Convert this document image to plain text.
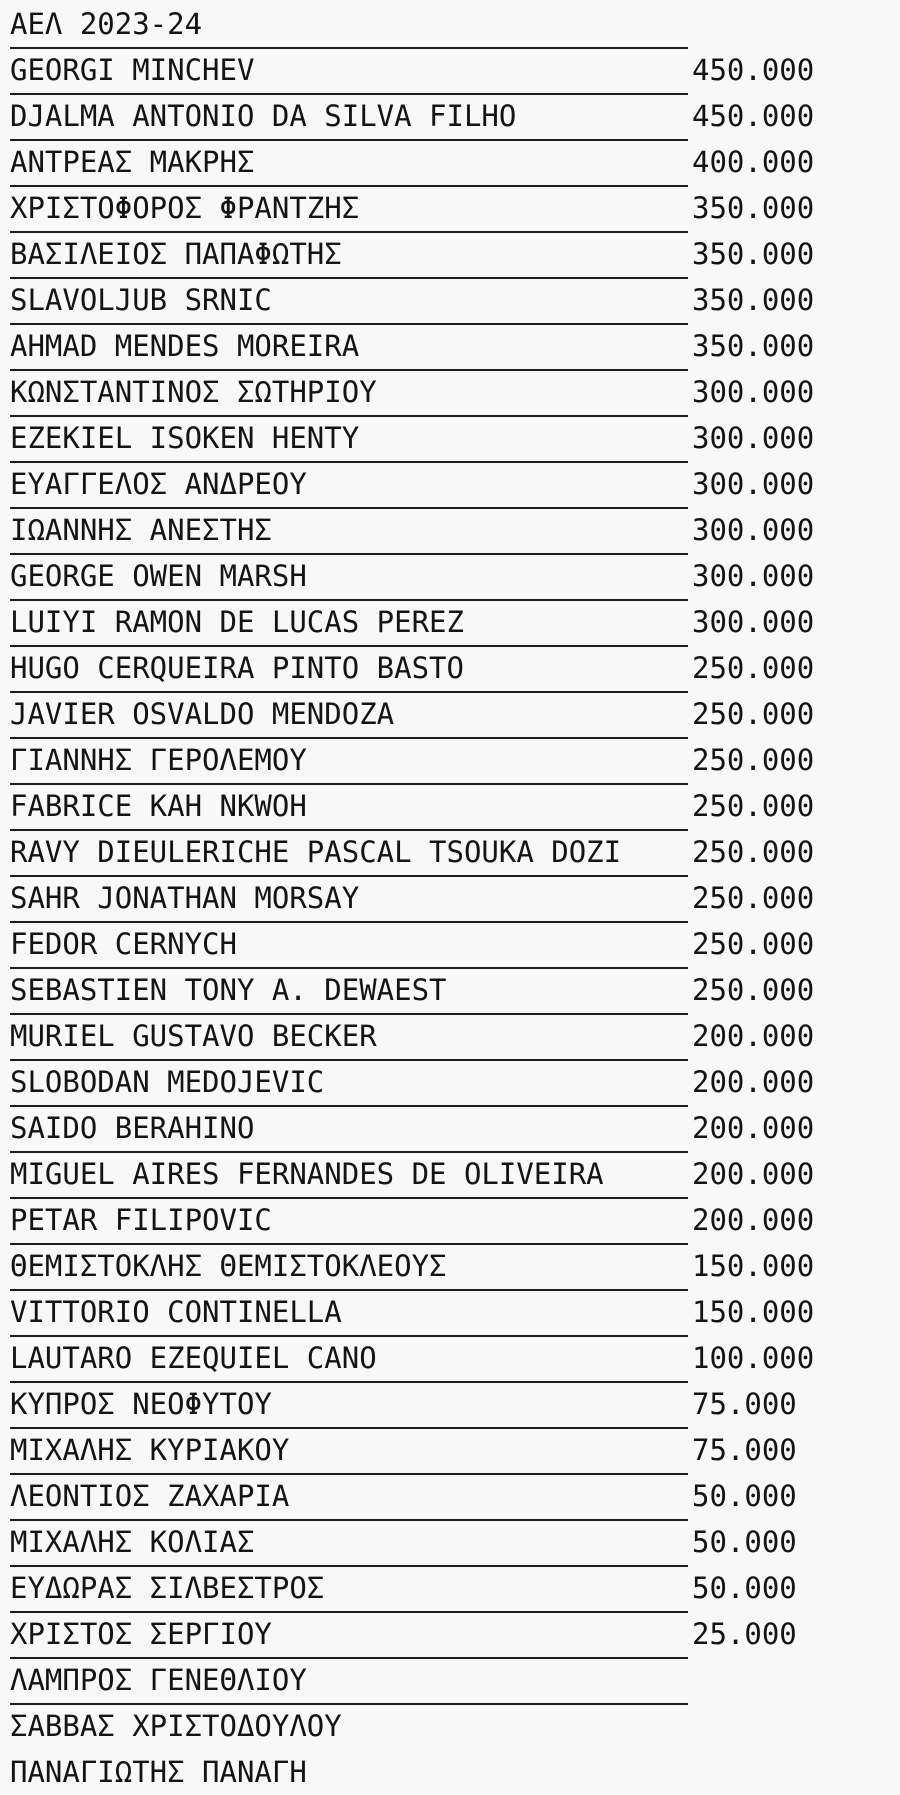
ΑΕΛ 2023-24

GEORGI MINCHEV	450.000
DJALMA ANTONIO DA SILVA FILHO	450.000
ΑΝΤΡΕΑΣ ΜΑΚΡΗΣ	400.000
ΧΡΙΣΤΟΦΟΡΟΣ ΦΡΑΝΤΖΗΣ	350.000
ΒΑΣΙΛΕΙΟΣ ΠΑΠΑΦΩΤΗΣ	350.000
SLAVOLJUB SRNIC	350.000
AHMAD MENDES MOREIRA	350.000
ΚΩΝΣΤΑΝΤΙΝΟΣ ΣΩΤΗΡΙΟΥ	300.000
EZEKIEL ISOKEN HENTY	300.000
ΕΥΑΓΓΕΛΟΣ ΑΝΔΡΕΟΥ	300.000
ΙΩΑΝΝΗΣ ΑΝΕΣΤΗΣ	300.000
GEORGE OWEN MARSH	300.000
LUIYI RAMON DE LUCAS PEREZ	300.000
HUGO CERQUEIRA PINTO BASTO	250.000
JAVIER OSVALDO MENDOZA	250.000
ΓΙΑΝΝΗΣ ΓΕΡΟΛΕΜΟΥ	250.000
FABRICE KAH NKWOH	250.000
RAVY DIEULERICHE PASCAL TSOUKA DOZI 250.000
SAHR JONATHAN MORSAY	250.000
FEDOR CERNYCH	250.000
SEBASTIEN TONY A. DEWAEST	250.000
MURIEL GUSTAVO BECKER	200.000
SLOBODAN MEDOJEVIC	200.000
SAIDO BERAHINO	200.000
MIGUEL AIRES FERNANDES DE OLIVEIRA	200.000
PETAR FILIPOVIC	200.000
ΘΕΜΙΣΤΟΚΛΗΣ ΘΕΜΙΣΤΟΚΛΕΟΥΣ	150.000
VITTORIO CONTINELLA	150.000
LAUTARO EZEQUIEL CANO	100.000
ΚΥΠΡΟΣ ΝΕΟΦΥΤΟΥ	75.000
ΜΙΧΑΛΗΣ ΚΥΡΙΑΚΟΥ	75.000
ΛΕΟΝΤΙΟΣ ΖΑΧΑΡΙΑ	50.000
ΜΙΧΑΛΗΣ ΚΟΛΙΑΣ	50.000
ΕΥΔΩΡΑΣ ΣΙΛΒΕΣΤΡΟΣ	50.000
ΧΡΙΣΤΟΣ ΣΕΡΓΙΟΥ	25.000
ΛΑΜΠΡΟΣ ΓΕΝΕΘΛΙΟΥ
ΣΑΒΒΑΣ ΧΡΙΣΤΟΔΟΥΛΟΥ
ΠΑΝΑΓΙΩΤΗΣ ΠΑΝΑΓΗ
